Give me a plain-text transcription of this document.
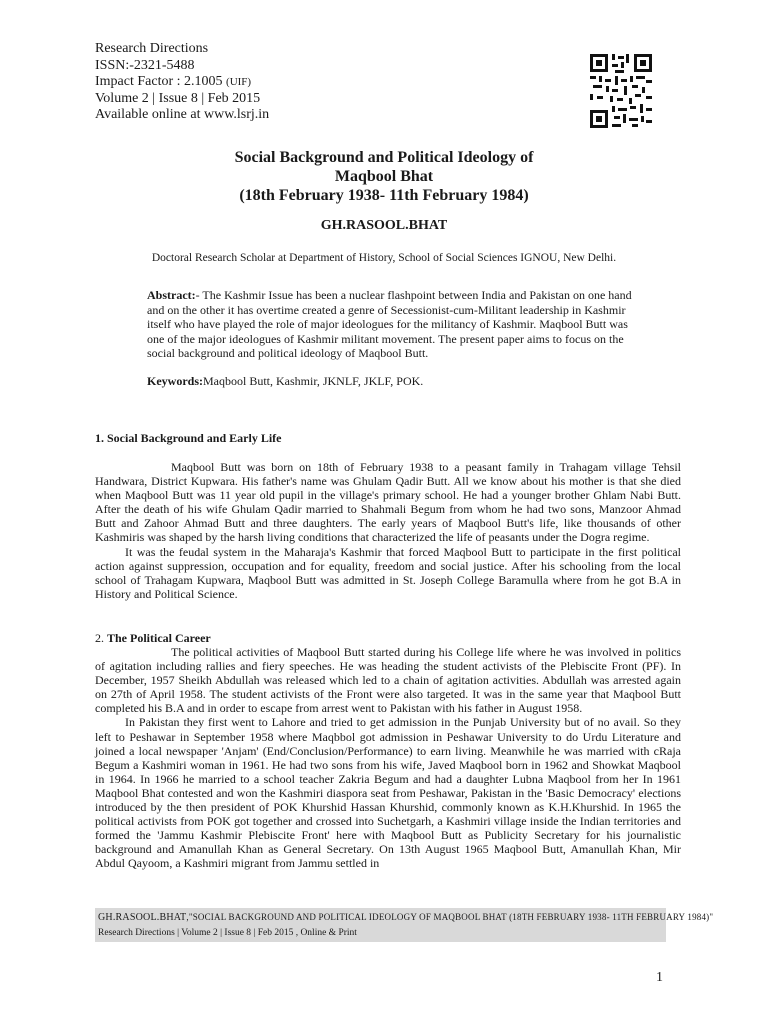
Research Directions
ISSN:-2321-5488
Impact Factor : 2.1005 (UIF)
Volume 2 | Issue 8 | Feb 2015
Available online at www.lsrj.in
Social Background and Political Ideology of
Maqbool Bhat
(18th February 1938- 11th February 1984)
GH.RASOOL.BHAT
Doctoral Research Scholar at Department of History, School of Social Sciences IGNOU, New Delhi.
Abstract:- The Kashmir Issue has been a nuclear flashpoint between India and Pakistan on one hand and on the other it has overtime created a genre of Secessionist-cum-Militant leadership in Kashmir itself who have played the role of major ideologues for the militancy of Kashmir. Maqbool Butt was one of the major ideologues of Kashmir militant movement. The present paper aims to focus on the social background and political ideology of Maqbool Butt.
Keywords:Maqbool Butt, Kashmir, JKNLF, JKLF, POK.
1. Social Background and Early Life

Maqbool Butt was born on 18th of February 1938 to a peasant family in Trahagam village Tehsil Handwara, District Kupwara. His father's name was Ghulam Qadir Butt. All we know about his mother is that she died when Maqbool Butt was 11 year old pupil in the village's primary school. He had a younger brother Ghlam Nabi Butt. After the death of his wife Ghulam Qadir married to Shahmali Begum from whom he had two sons, Manzoor Ahmad Butt and Zahoor Ahmad Butt and three daughters. The early years of Maqbool Butt's life, like thousands of other Kashmiris was shaped by the harsh living conditions that characterized the life of peasants under the Dogra regime.

It was the feudal system in the Maharaja's Kashmir that forced Maqbool Butt to participate in the first political action against suppression, occupation and for equality, freedom and social justice. After his schooling from the local school of Trahagam Kupwara, Maqbool Butt was admitted in St. Joseph College Baramulla where from he got B.A in History and Political Science.

2. The Political Career

The political activities of Maqbool Butt started during his College life where he was involved in politics of agitation including rallies and fiery speeches. He was heading the student activists of the Plebiscite Front (PF). In December, 1957 Sheikh Abdullah was released which led to a chain of agitation activities. Abdullah was arrested again on 27th of April 1958. The student activists of the Front were also targeted. It was in the same year that Maqbool Butt completed his B.A and in order to escape from arrest went to Pakistan with his father in August 1958.

In Pakistan they first went to Lahore and tried to get admission in the Punjab University but of no avail. So they left to Peshawar in September 1958 where Maqbbol got admission in Peshawar University to do Urdu Literature and joined a local newspaper 'Anjam' (End/Conclusion/Performance) to earn living. Meanwhile he was married with cRaja Begum a Kashmiri woman in 1961. He had two sons from his wife, Javed Maqbool born in 1962 and Showkat Maqbool in 1964. In 1966 he married to a school teacher Zakria Begum and had a daughter Lubna Maqbool from her In 1961 Maqbool Bhat contested and won the Kashmiri diaspora seat from Peshawar, Pakistan in the 'Basic Democracy' elections introduced by the then president of POK Khurshid Hassan Khurshid, commonly known as K.H.Khurshid. In 1965 the political activists from POK got together and crossed into Suchetgarh, a Kashmiri village inside the Indian territories and formed the 'Jammu Kashmir Plebiscite Front' here with Maqbool Butt as Publicity Secretary for his journalistic background and Amanullah Khan as General Secretary. On 13th August 1965 Maqbool Butt, Amanullah Khan, Mir Abdul Qayoom, a Kashmiri migrant from Jammu settled in

GH.RASOOL.BHAT,"SOCIAL BACKGROUND AND POLITICAL IDEOLOGY OF MAQBOOL BHAT (18TH FEBRUARY 1938- 11TH FEBRUARY 1984)"
Research Directions | Volume 2 | Issue 8 | Feb 2015 , Online & Print
1
